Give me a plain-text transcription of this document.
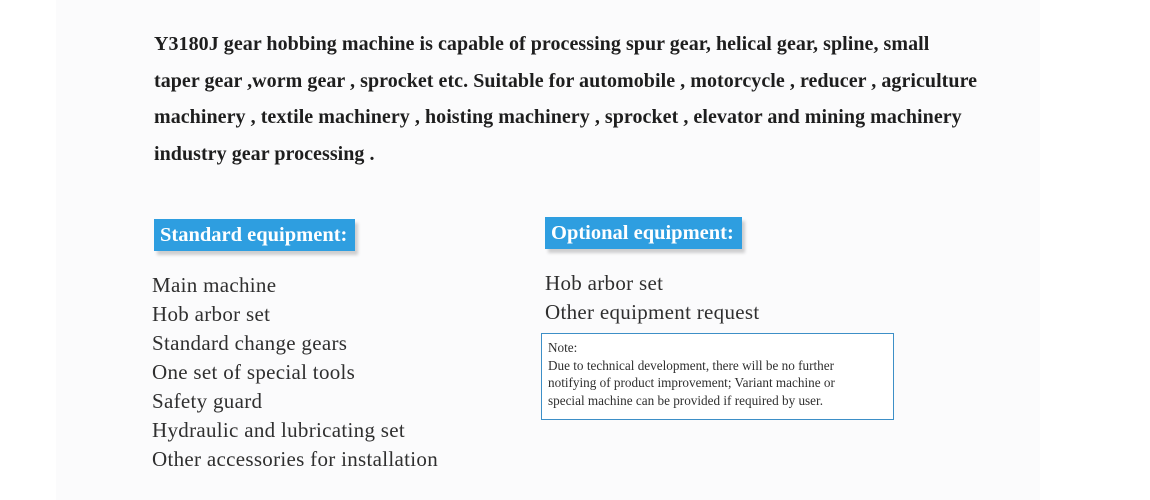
Y3180J gear hobbing machine is capable of processing spur gear, helical gear, spline, small
taper gear ,worm gear , sprocket etc. Suitable for automobile , motorcycle , reducer , agriculture
machinery , textile machinery , hoisting machinery , sprocket , elevator and mining machinery
industry gear processing .

Standard equipment:
Main machine
Hob arbor set
Standard change gears
One set of special tools
Safety guard
Hydraulic and lubricating set
Other accessories for installation
Optional equipment:
Hob arbor set
Other equipment request

Note:

Due to technical development, there will be no further

notifying of product improvement; Variant machine or

special machine can be provided if required by user.
